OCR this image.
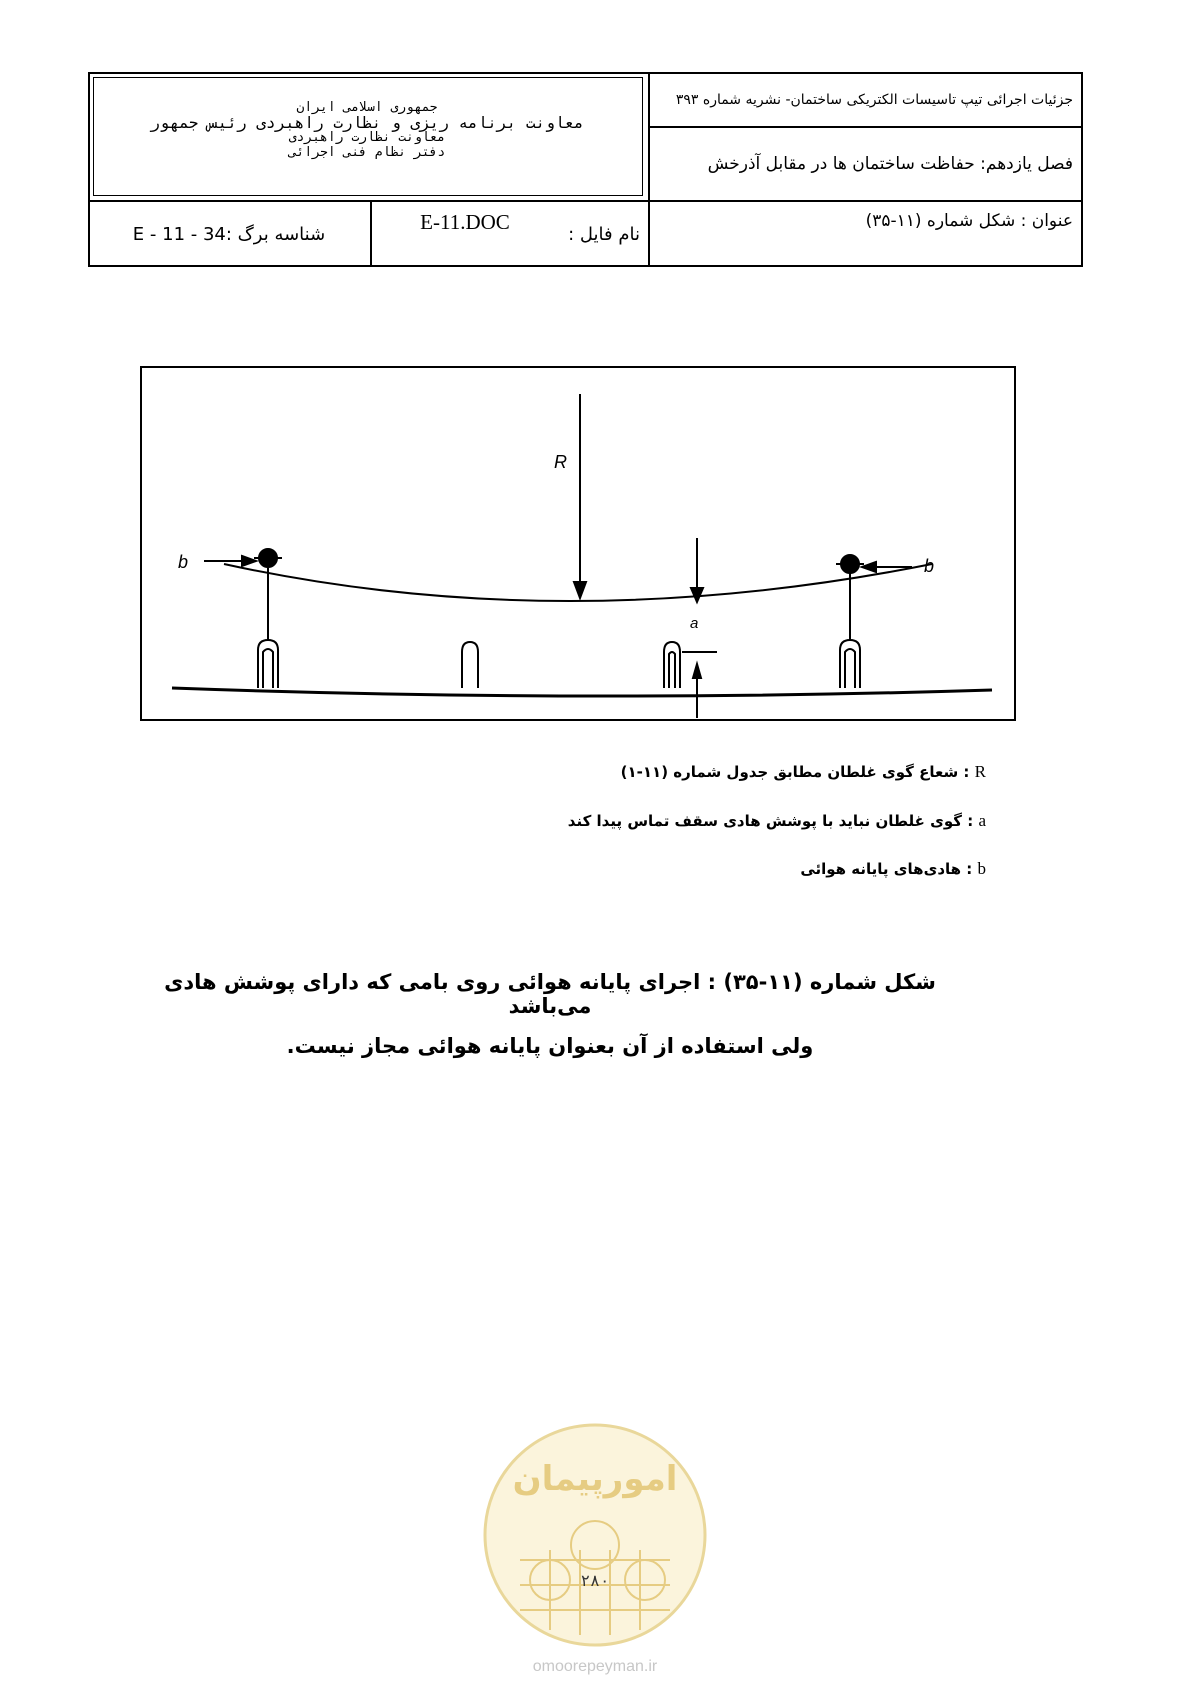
جزئیات اجرائی تیپ تاسیسات الکتریکی ساختمان- نشریه شماره ۳۹۳
فصل یازدهم: حفاظت ساختمان ها در مقابل آذرخش
عنوان : شکل شماره (۱۱-۳۵)
جمهوری اسلامی ایران
معاونت برنامه ریزی و نظارت راهبردی رئیس جمهور
معاونت نظارت راهبردی
دفتر نظام فنی اجرائی
شناسه برگ :34 - 11 - E
E-11.DOC
نام فایل :
R
a
b	b
R : شعاع گوی غلطان مطابق جدول شماره (۱۱-۱)
a : گوی غلطان نباید با پوشش هادی سقف تماس پیدا کند
b : هادی‌های پایانه هوائی
شکل شماره (۱۱-۳۵) : اجرای پایانه هوائی روی بامی که دارای پوشش هادی می‌باشد
ولی استفاده از آن بعنوان پایانه هوائی مجاز نیست.
امورپیمان
۲۸۰
omoorepeyman.ir
